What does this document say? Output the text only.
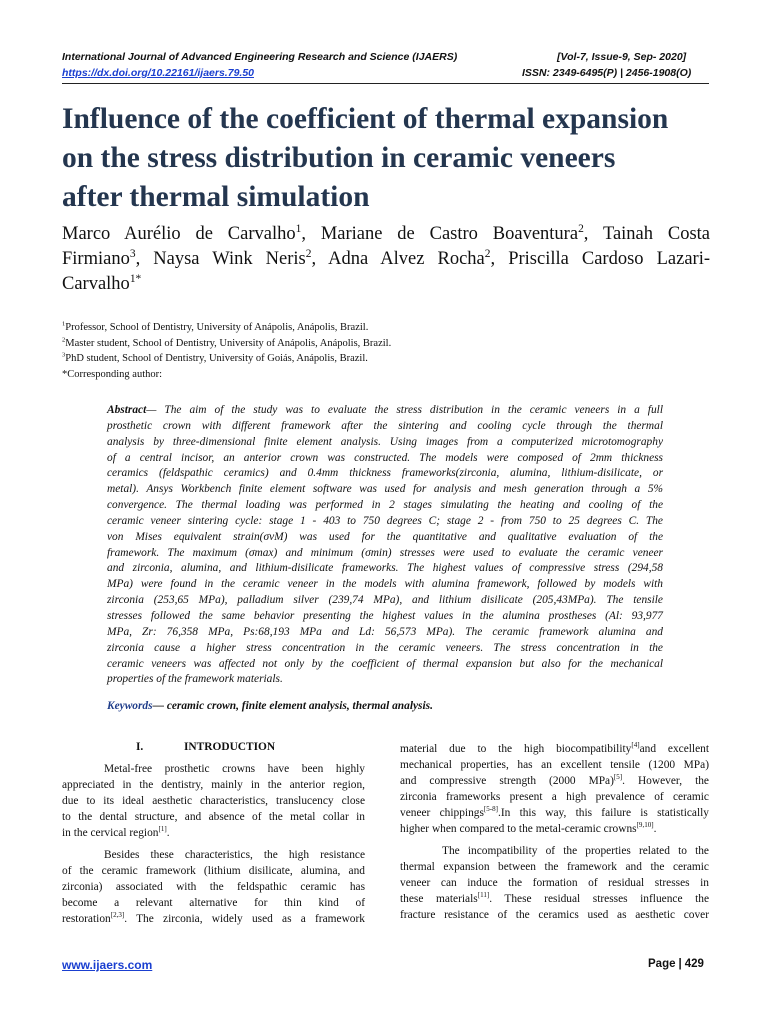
International Journal of Advanced Engineering Research and Science (IJAERS)	[Vol-7, Issue-9, Sep- 2020]
https://dx.doi.org/10.22161/ijaers.79.50	ISSN: 2349-6495(P) | 2456-1908(O)
Influence of the coefficient of thermal expansion
on the stress distribution in ceramic veneers
after thermal simulation
Marco Aurélio de Carvalho$^1$, Mariane de Castro Boaventura$^2$, Tainah Costa
Firmiano$^3$, Naysa Wink Neris$^2$, Adna Alvez Rocha$^2$, Priscilla Cardoso Lazari-
Carvalho$^{1*}$
$^1$Professor, School of Dentistry, University of Anápolis, Anápolis, Brazil.
$^2$Master student, School of Dentistry, University of Anápolis, Anápolis, Brazil.
$^3$PhD student, School of Dentistry, University of Goiás, Anápolis, Brazil.
*Corresponding author:
Abstract— The aim of the study was to evaluate the stress distribution in the ceramic veneers in a full
prosthetic crown with different framework after the sintering and cooling cycle through the thermal
analysis by three-dimensional finite element analysis. Using images from a computerized microtomography
of a central incisor, an anterior crown was constructed. The models were composed of 2mm thickness
ceramics (feldspathic ceramics) and 0.4mm thickness frameworks(zirconia, alumina, lithium-disilicate, or
metal). Ansys Workbench finite element software was used for analysis and mesh generation through a 5%
convergence. The thermal loading was performed in 2 stages simulating the heating and cooling of the
ceramic veneer sintering cycle: stage 1 - 403 to 750 degrees C; stage 2 - from 750 to 25 degrees C. The
von Mises equivalent strain(σvM) was used for the quantitative and qualitative evaluation of the
framework. The maximum (σmax) and minimum (σmin) stresses were used to evaluate the ceramic veneer
and zirconia, alumina, and lithium-disilicate frameworks. The highest values of compressive stress (294,58
MPa) were found in the ceramic veneer in the models with alumina framework, followed by models with
zirconia (253,65 MPa), palladium silver (239,74 MPa), and lithium disilicate (205,43MPa). The tensile
stresses followed the same behavior presenting the highest values in the alumina prostheses (Al: 93,977
MPa, Zr: 76,358 MPa, Ps:68,193 MPa and Ld: 56,573 MPa). The ceramic framework alumina and
zirconia cause a higher stress concentration in the ceramic veneers. The stress concentration in the
ceramic veneers was affected not only by the coefficient of thermal expansion but also for the mechanical
properties of the framework materials.
Keywords— ceramic crown, finite element analysis, thermal analysis.
I.	INTRODUCTION
Metal-free prosthetic crowns have been highly
appreciated in the dentistry, mainly in the anterior region,
due to its ideal aesthetic characteristics, translucency close
to the dental structure, and absence of the metal collar in
in the cervical region[1].
Besides these characteristics, the high resistance
of the ceramic framework (lithium disilicate, alumina, and
zirconia) associated with the feldspathic ceramic has
become a relevant alternative for thin kind of
restoration[2,3]. The zirconia, widely used as a framework
material due to the high biocompatibility[4]and excellent
mechanical properties, has an excellent tensile (1200 MPa)
and compressive strength (2000 MPa)[5]. However, the
zirconia frameworks present a high prevalence of ceramic
veneer chippings[5-8].In this way, this failure is statistically
higher when compared to the metal-ceramic crowns[9,10].
The incompatibility of the properties related to the
thermal expansion between the framework and the ceramic
veneer can induce the formation of residual stresses in
these materials[11]. These residual stresses influence the
fracture resistance of the ceramics used as aesthetic cover
www.ijaers.com	Page | 429
